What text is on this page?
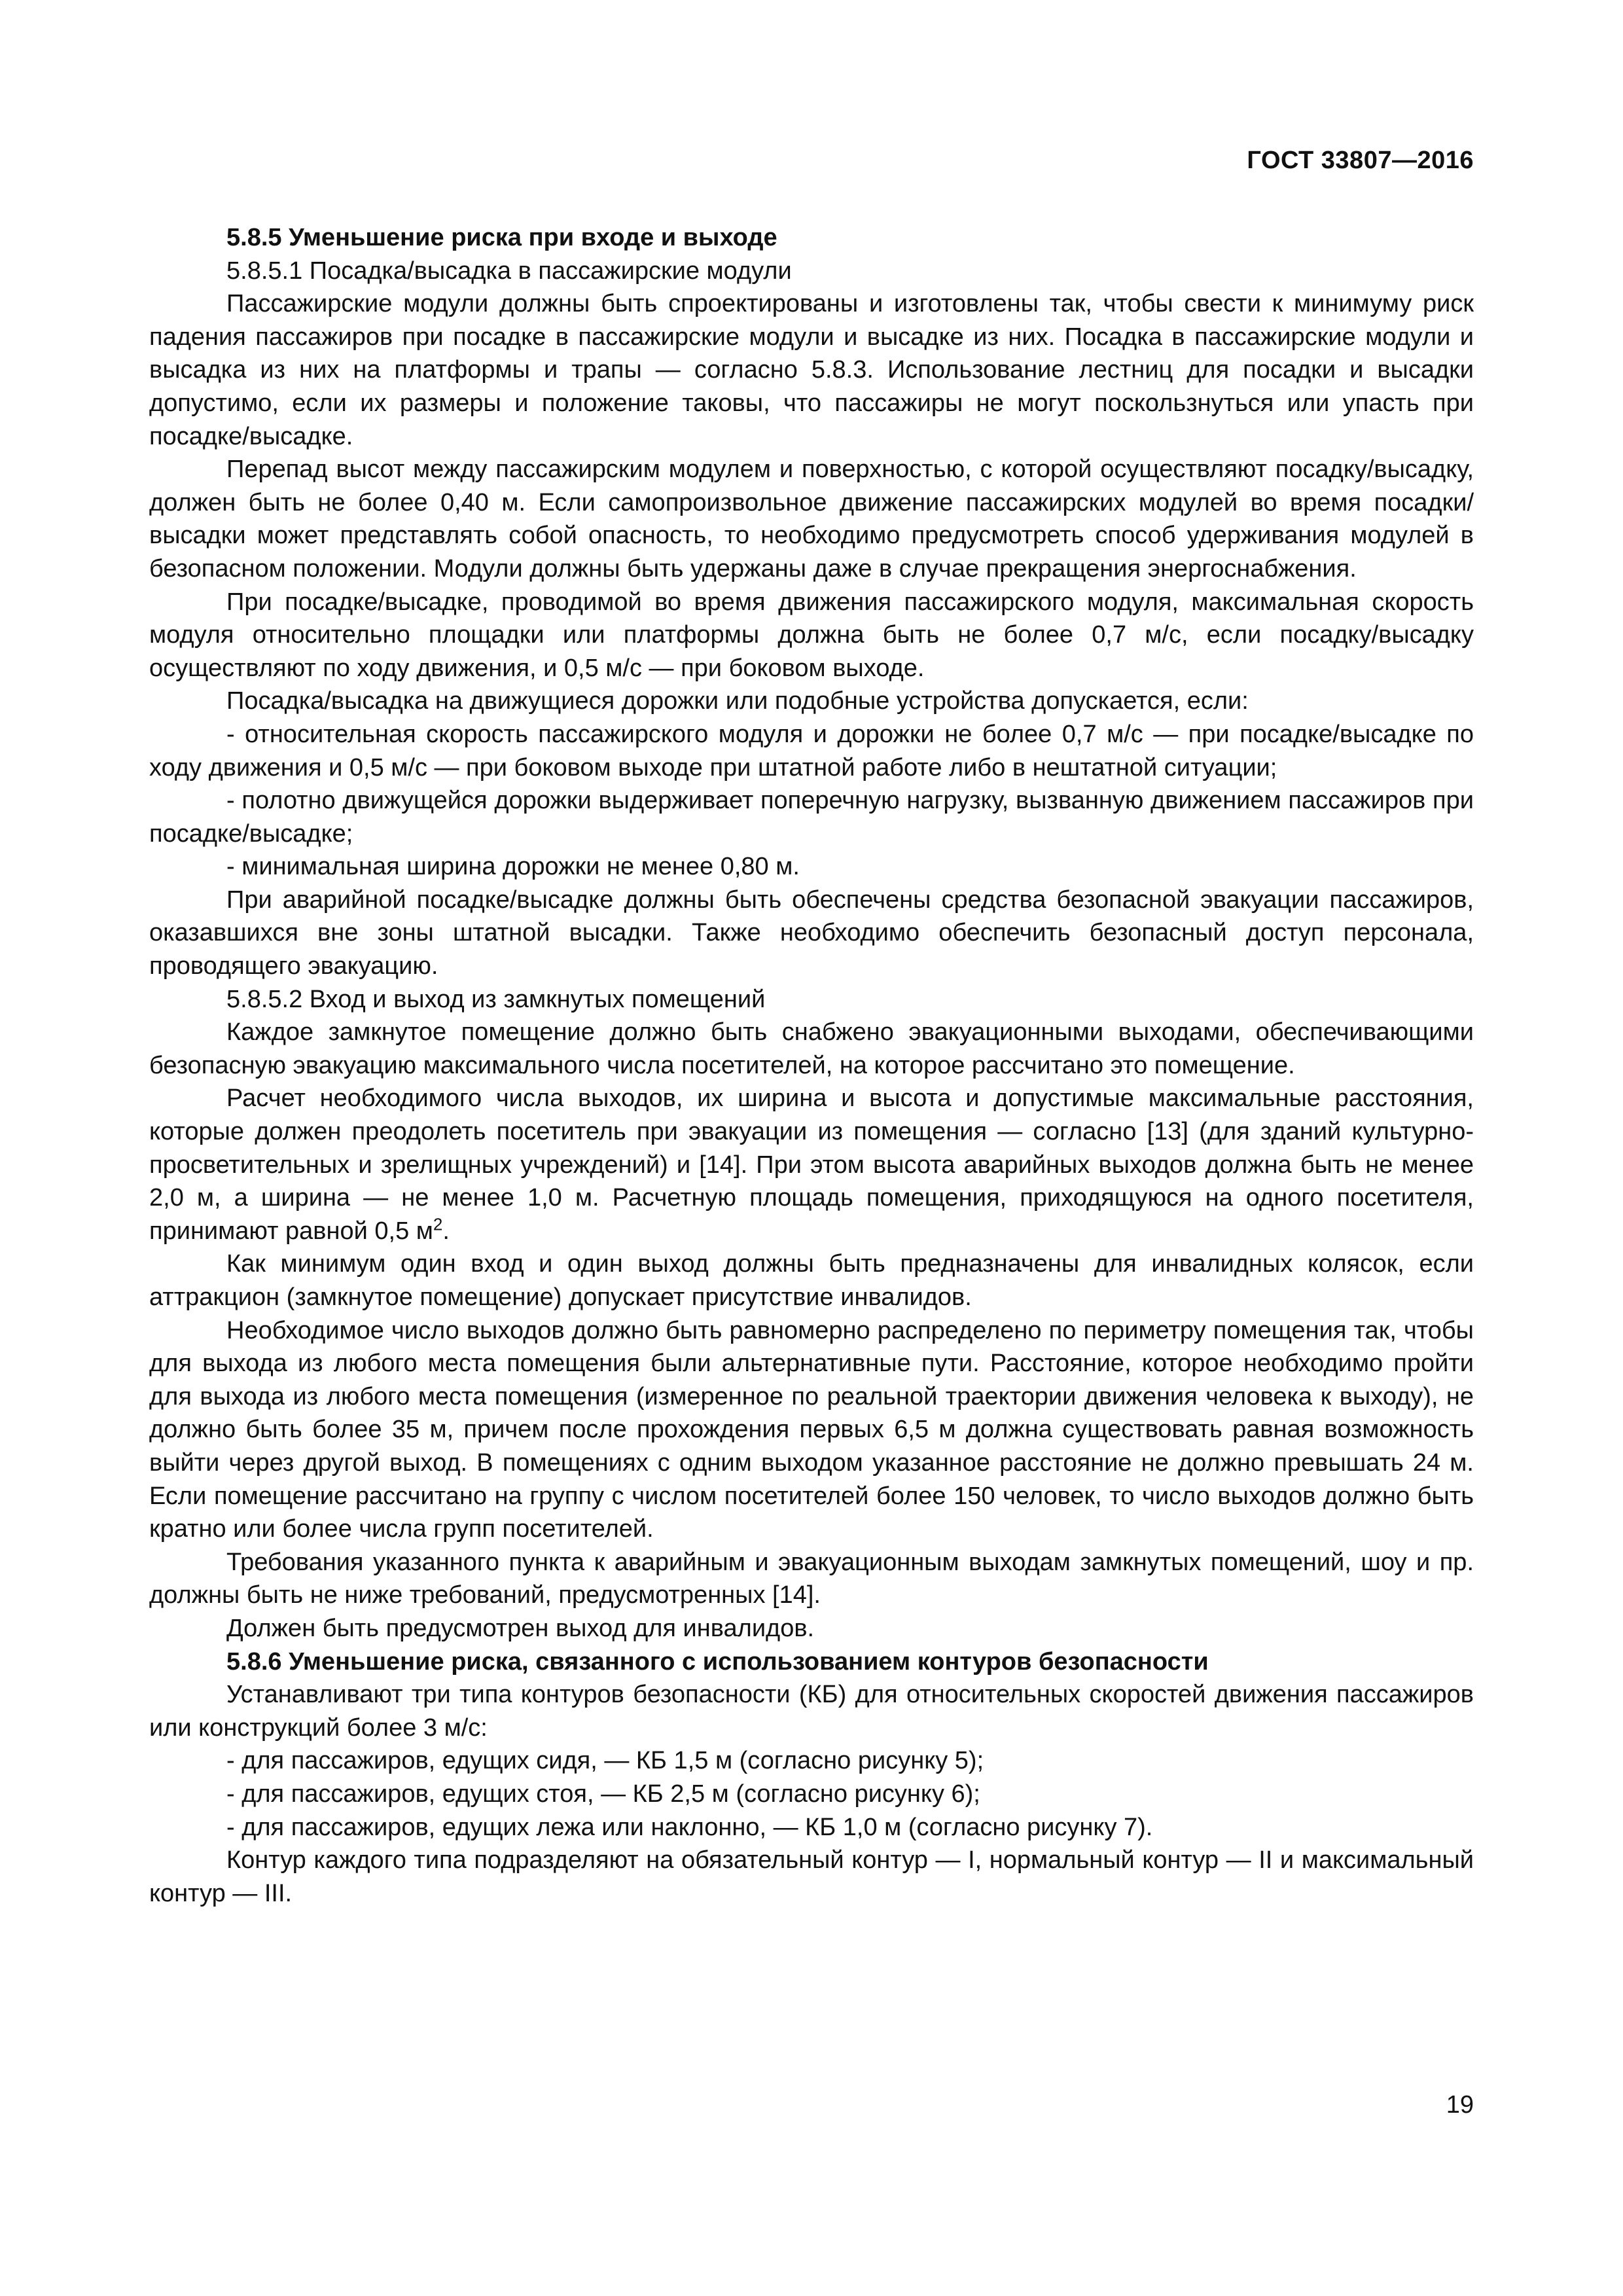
ГОСТ 33807—2016

5.8.5 Уменьшение риска при входе и выходе

5.8.5.1 Посадка/высадка в пассажирские модули

Пассажирские модули должны быть спроектированы и изготовлены так, чтобы свести к минимуму риск падения пассажиров при посадке в пассажирские модули и высадке из них. Посадка в пассажирские модули и высадка из них на платформы и трапы — согласно 5.8.3. Использование лестниц для посадки и высадки допустимо, если их размеры и положение таковы, что пассажиры не могут поскользнуться или упасть при посадке/высадке.

Перепад высот между пассажирским модулем и поверхностью, с которой осуществляют посадку/высадку, должен быть не более 0,40 м. Если самопроизвольное движение пассажирских модулей во время посадки/высадки может представлять собой опасность, то необходимо предусмотреть способ удерживания модулей в безопасном положении. Модули должны быть удержаны даже в случае прекращения энергоснабжения.

При посадке/высадке, проводимой во время движения пассажирского модуля, максимальная скорость модуля относительно площадки или платформы должна быть не более 0,7 м/с, если посадку/высадку осуществляют по ходу движения, и 0,5 м/с — при боковом выходе.

Посадка/высадка на движущиеся дорожки или подобные устройства допускается, если:

- относительная скорость пассажирского модуля и дорожки не более 0,7 м/с — при посадке/высадке по ходу движения и 0,5 м/с — при боковом выходе при штатной работе либо в нештатной ситуации;

- полотно движущейся дорожки выдерживает поперечную нагрузку, вызванную движением пассажиров при посадке/высадке;

- минимальная ширина дорожки не менее 0,80 м.

При аварийной посадке/высадке должны быть обеспечены средства безопасной эвакуации пассажиров, оказавшихся вне зоны штатной высадки. Также необходимо обеспечить безопасный доступ персонала, проводящего эвакуацию.

5.8.5.2 Вход и выход из замкнутых помещений

Каждое замкнутое помещение должно быть снабжено эвакуационными выходами, обеспечивающими безопасную эвакуацию максимального числа посетителей, на которое рассчитано это помещение.

Расчет необходимого числа выходов, их ширина и высота и допустимые максимальные расстояния, которые должен преодолеть посетитель при эвакуации из помещения — согласно [13] (для зданий культурно-просветительных и зрелищных учреждений) и [14]. При этом высота аварийных выходов должна быть не менее 2,0 м, а ширина — не менее 1,0 м. Расчетную площадь помещения, приходящуюся на одного посетителя, принимают равной 0,5 $м^2$.

Как минимум один вход и один выход должны быть предназначены для инвалидных колясок, если аттракцион (замкнутое помещение) допускает присутствие инвалидов.

Необходимое число выходов должно быть равномерно распределено по периметру помещения так, чтобы для выхода из любого места помещения были альтернативные пути. Расстояние, которое необходимо пройти для выхода из любого места помещения (измеренное по реальной траектории движения человека к выходу), не должно быть более 35 м, причем после прохождения первых 6,5 м должна существовать равная возможность выйти через другой выход. В помещениях с одним выходом указанное расстояние не должно превышать 24 м. Если помещение рассчитано на группу с числом посетителей более 150 человек, то число выходов должно быть кратно или более числа групп посетителей.

Требования указанного пункта к аварийным и эвакуационным выходам замкнутых помещений, шоу и пр. должны быть не ниже требований, предусмотренных [14].

Должен быть предусмотрен выход для инвалидов.

5.8.6 Уменьшение риска, связанного с использованием контуров безопасности

Устанавливают три типа контуров безопасности (КБ) для относительных скоростей движения пассажиров или конструкций более 3 м/с:

- для пассажиров, едущих сидя, — КБ 1,5 м (согласно рисунку 5);

- для пассажиров, едущих стоя, — КБ 2,5 м (согласно рисунку 6);

- для пассажиров, едущих лежа или наклонно, — КБ 1,0 м (согласно рисунку 7).

Контур каждого типа подразделяют на обязательный контур — I, нормальный контур — II и максимальный контур — III.

19
